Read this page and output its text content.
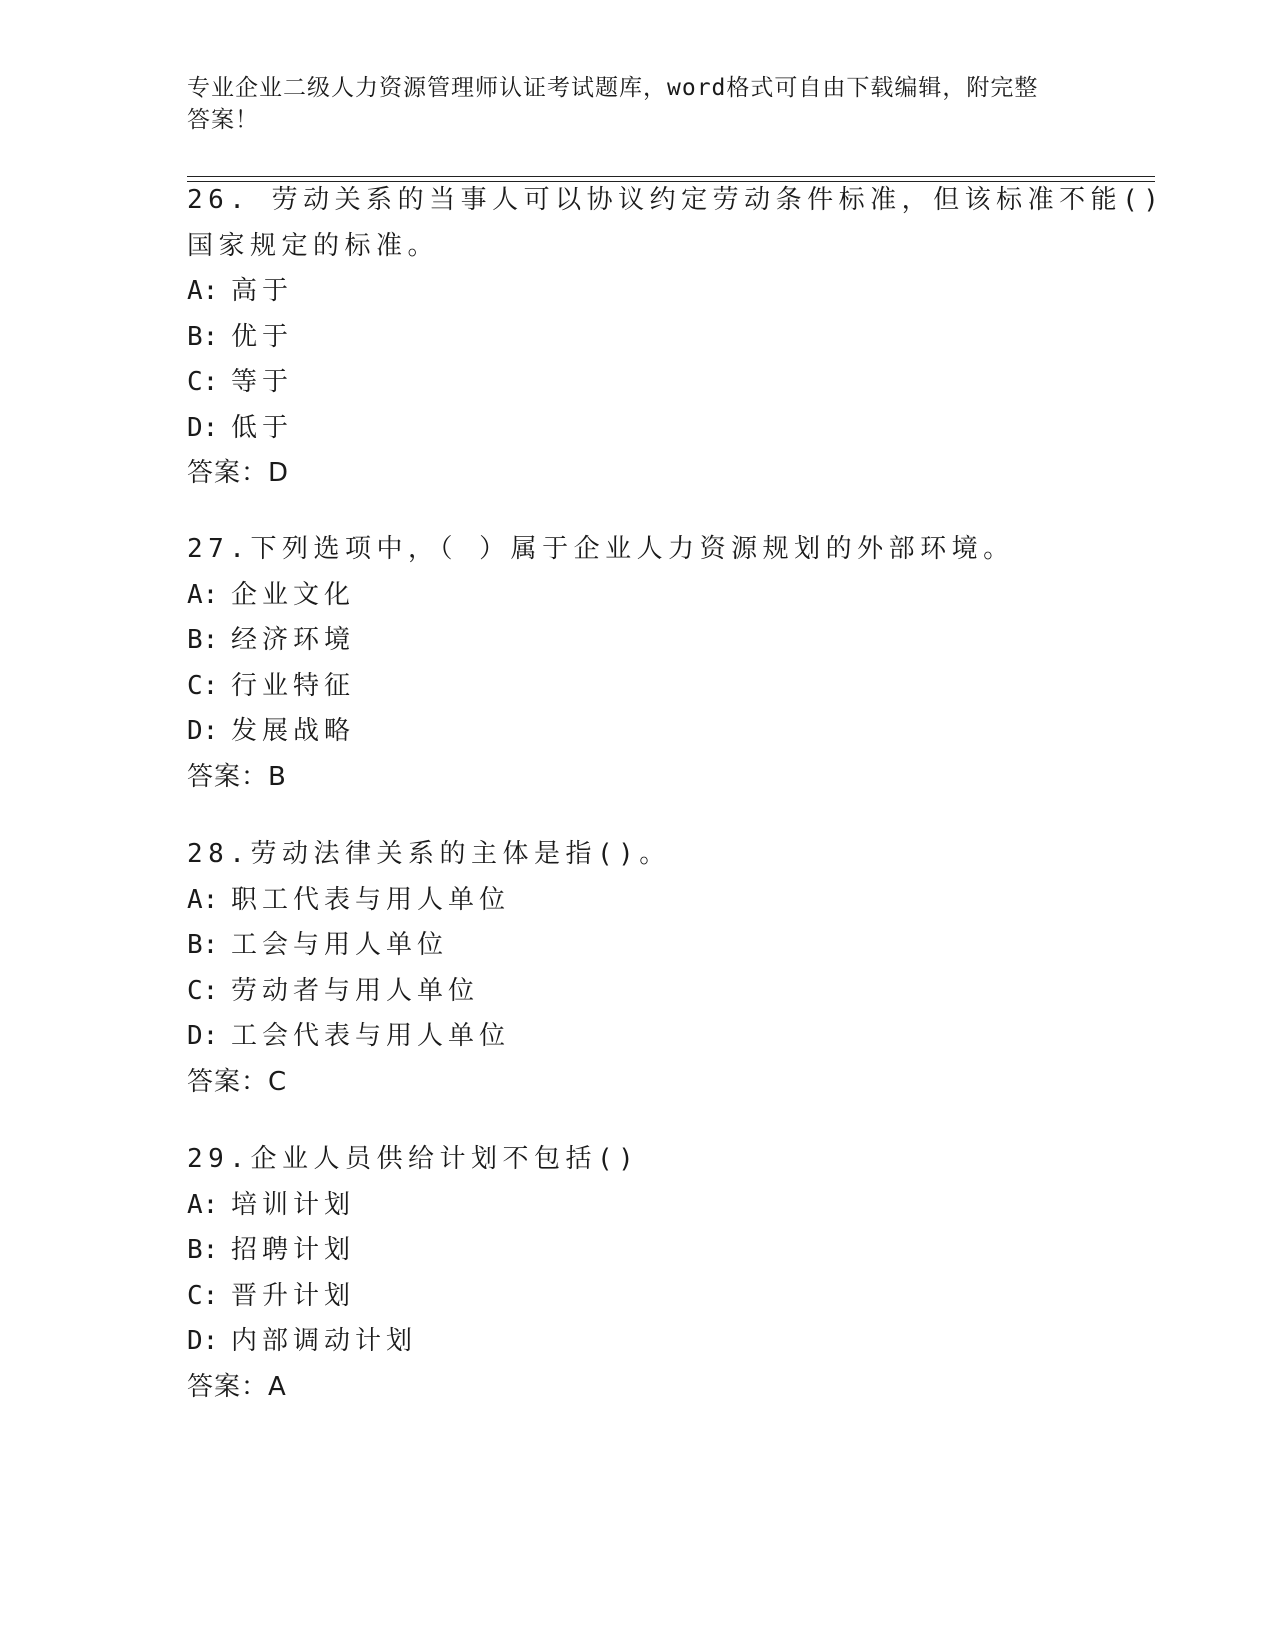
专业企业二级人力资源管理师认证考试题库，word格式可自由下载编辑，附完整
答案！
26. 劳动关系的当事人可以协议约定劳动条件标准，但该标准不能()
国家规定的标准。
A: 高于
B: 优于
C: 等于
D: 低于
答案：D
27.下列选项中，（ ）属于企业人力资源规划的外部环境。
A: 企业文化
B: 经济环境
C: 行业特征
D: 发展战略
答案：B
28.劳动法律关系的主体是指()。
A: 职工代表与用人单位
B: 工会与用人单位
C: 劳动者与用人单位
D: 工会代表与用人单位
答案：C
29.企业人员供给计划不包括()
A: 培训计划
B: 招聘计划
C: 晋升计划
D: 内部调动计划
答案：A
